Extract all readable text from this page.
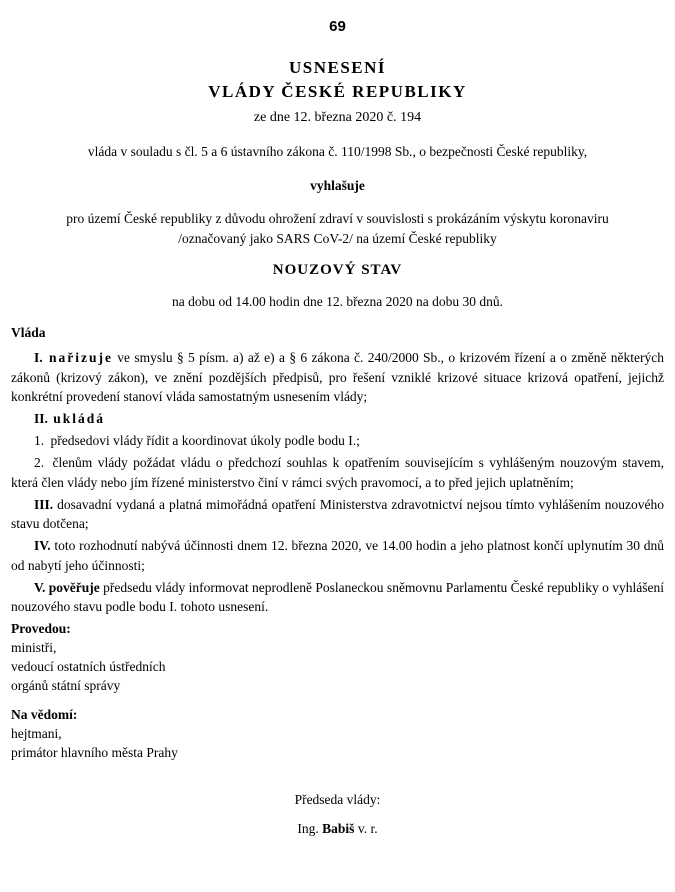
69
USNESENÍ
VLÁDY ČESKÉ REPUBLIKY
ze dne 12. března 2020 č. 194
vláda v souladu s čl. 5 a 6 ústavního zákona č. 110/1998 Sb., o bezpečnosti České republiky,
vyhlašuje
pro území České republiky z důvodu ohrožení zdraví v souvislosti s prokázáním výskytu koronaviru /označovaný jako SARS CoV-2/ na území České republiky
NOUZOVÝ STAV
na dobu od 14.00 hodin dne 12. března 2020 na dobu 30 dnů.
Vláda

I. nařizuje ve smyslu § 5 písm. a) až e) a § 6 zákona č. 240/2000 Sb., o krizovém řízení a o změně některých zákonů (krizový zákon), ve znění pozdějších předpisů, pro řešení vzniklé krizové situace krizová opatření, jejichž konkrétní provedení stanoví vláda samostatným usnesením vlády;

II. ukládá

1. předsedovi vlády řídit a koordinovat úkoly podle bodu I.;

2. členům vlády požádat vládu o předchozí souhlas k opatřením souvisejícím s vyhlášeným nouzovým stavem, která člen vlády nebo jím řízené ministerstvo činí v rámci svých pravomocí, a to před jejich uplatněním;

III. dosavadní vydaná a platná mimořádná opatření Ministerstva zdravotnictví nejsou tímto vyhlášením nouzového stavu dotčena;

IV. toto rozhodnutí nabývá účinnosti dnem 12. března 2020, ve 14.00 hodin a jeho platnost končí uplynutím 30 dnů od nabytí jeho účinnosti;

V. pověřuje předsedu vlády informovat neprodleně Poslaneckou sněmovnu Parlamentu České republiky o vyhlášení nouzového stavu podle bodu I. tohoto usnesení.

Provedou:
ministři,
vedoucí ostatních ústředních
orgánů státní správy
Na vědomí:
hejtmani,
primátor hlavního města Prahy
Předseda vlády:
Ing. Babiš v. r.
